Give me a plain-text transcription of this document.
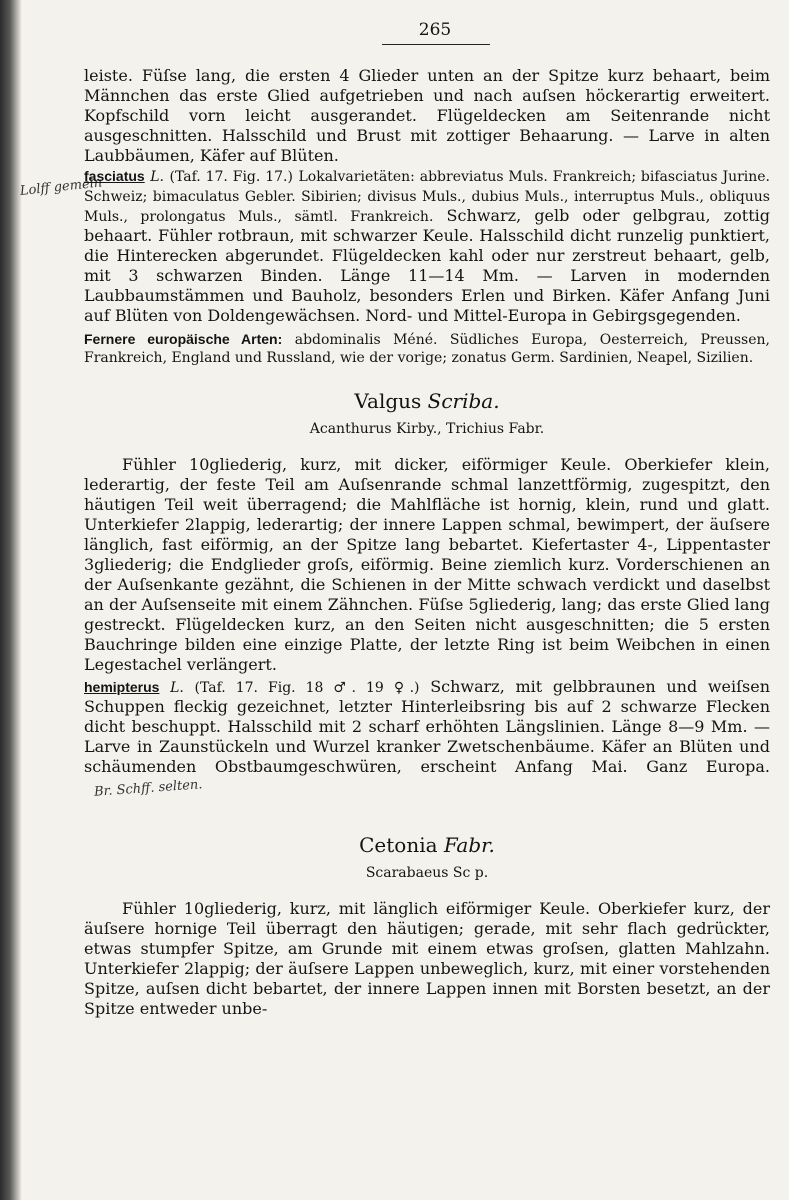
265
Lolff gemein

leiste. Füſse lang, die ersten 4 Glieder unten an der Spitze kurz behaart, beim Männchen das erste Glied aufgetrieben und nach auſsen höckerartig erweitert. Kopfschild vorn leicht ausgerandet. Flügeldecken am Seitenrande nicht ausgeschnitten. Halsschild und Brust mit zottiger Behaarung. — Larve in alten Laubbäumen, Käfer auf Blüten.

fasciatus L. (Taf. 17. Fig. 17.) Lokalvarietäten: abbreviatus Muls. Frankreich; bifasciatus Jurine. Schweiz; bimaculatus Gebler. Sibirien; divisus Muls., dubius Muls., interruptus Muls., obliquus Muls., prolongatus Muls., sämtl. Frankreich. Schwarz, gelb oder gelbgrau, zottig behaart. Fühler rotbraun, mit schwarzer Keule. Halsschild dicht runzelig punktiert, die Hinterecken abgerundet. Flügeldecken kahl oder nur zerstreut behaart, gelb, mit 3 schwarzen Binden. Länge 11—14 Mm. — Larven in modernden Laubbaumstämmen und Bauholz, besonders Erlen und Birken. Käfer Anfang Juni auf Blüten von Doldengewächsen. Nord- und Mittel-Europa in Gebirgsgegenden.

Fernere europäische Arten: abdominalis Méné. Südliches Europa, Oesterreich, Preussen, Frankreich, England und Russland, wie der vorige; zonatus Germ. Sardinien, Neapel, Sizilien.

Valgus Scriba.
Acanthurus Kirby., Trichius Fabr.

Fühler 10gliederig, kurz, mit dicker, eiförmiger Keule. Oberkiefer klein, lederartig, der feste Teil am Auſsenrande schmal lanzettförmig, zugespitzt, den häutigen Teil weit überragend; die Mahlfläche ist hornig, klein, rund und glatt. Unterkiefer 2lappig, lederartig; der innere Lappen schmal, bewimpert, der äuſsere länglich, fast eiförmig, an der Spitze lang bebartet. Kiefertaster 4-, Lippentaster 3gliederig; die Endglieder groſs, eiförmig. Beine ziemlich kurz. Vorderschienen an der Auſsenkante gezähnt, die Schienen in der Mitte schwach verdickt und daselbst an der Auſsenseite mit einem Zähnchen. Füſse 5gliederig, lang; das erste Glied lang gestreckt. Flügeldecken kurz, an den Seiten nicht ausgeschnitten; die 5 ersten Bauchringe bilden eine einzige Platte, der letzte Ring ist beim Weibchen in einen Legestachel verlängert.

hemipterus L. (Taf. 17. Fig. 18 ♂. 19 ♀.) Schwarz, mit gelbbraunen und weiſsen Schuppen fleckig gezeichnet, letzter Hinterleibsring bis auf 2 schwarze Flecken dicht beschuppt. Halsschild mit 2 scharf erhöhten Längslinien. Länge 8—9 Mm. — Larve in Zaunstückeln und Wurzel kranker Zwetschenbäume. Käfer an Blüten und schäumenden Obstbaumgeschwüren, erscheint Anfang Mai. Ganz Europa. Br. Schff. selten.

Cetonia Fabr.
Scarabaeus Sc p.

Fühler 10gliederig, kurz, mit länglich eiförmiger Keule. Oberkiefer kurz, der äuſsere hornige Teil überragt den häutigen; gerade, mit sehr flach gedrückter, etwas stumpfer Spitze, am Grunde mit einem etwas groſsen, glatten Mahlzahn. Unterkiefer 2lappig; der äuſsere Lappen unbeweglich, kurz, mit einer vorstehenden Spitze, auſsen dicht bebartet, der innere Lappen innen mit Borsten besetzt, an der Spitze entweder unbe-
